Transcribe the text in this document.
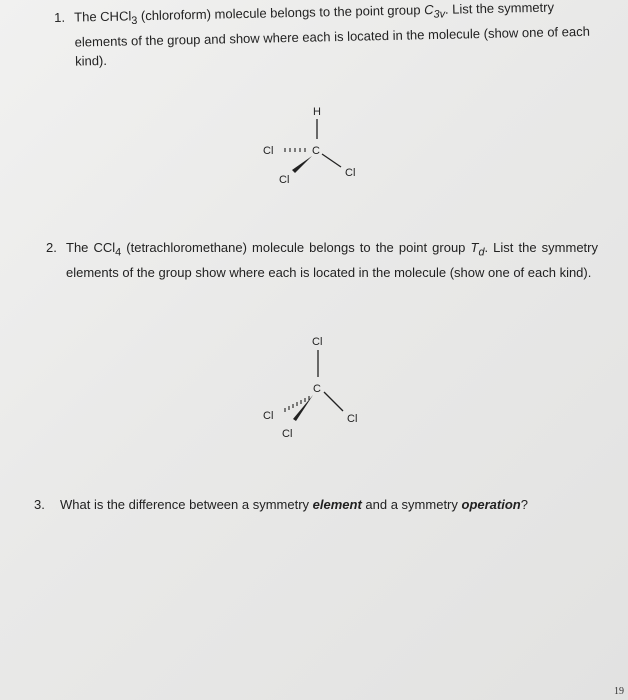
1. The CHCl$_3$ (chloroform) molecule belongs to the point group $C_{3v}$. List the symmetry elements of the group and show where each is located in the molecule (show one of each kind).
H
C
Cl
Cl
Cl
2. The CCl$_4$ (tetrachloromethane) molecule belongs to the point group $T_d$. List the symmetry elements of the group show where each is located in the molecule (show one of each kind).
Cl
C
Cl
Cl
Cl
3. What is the difference between a symmetry element and a symmetry operation?
19
